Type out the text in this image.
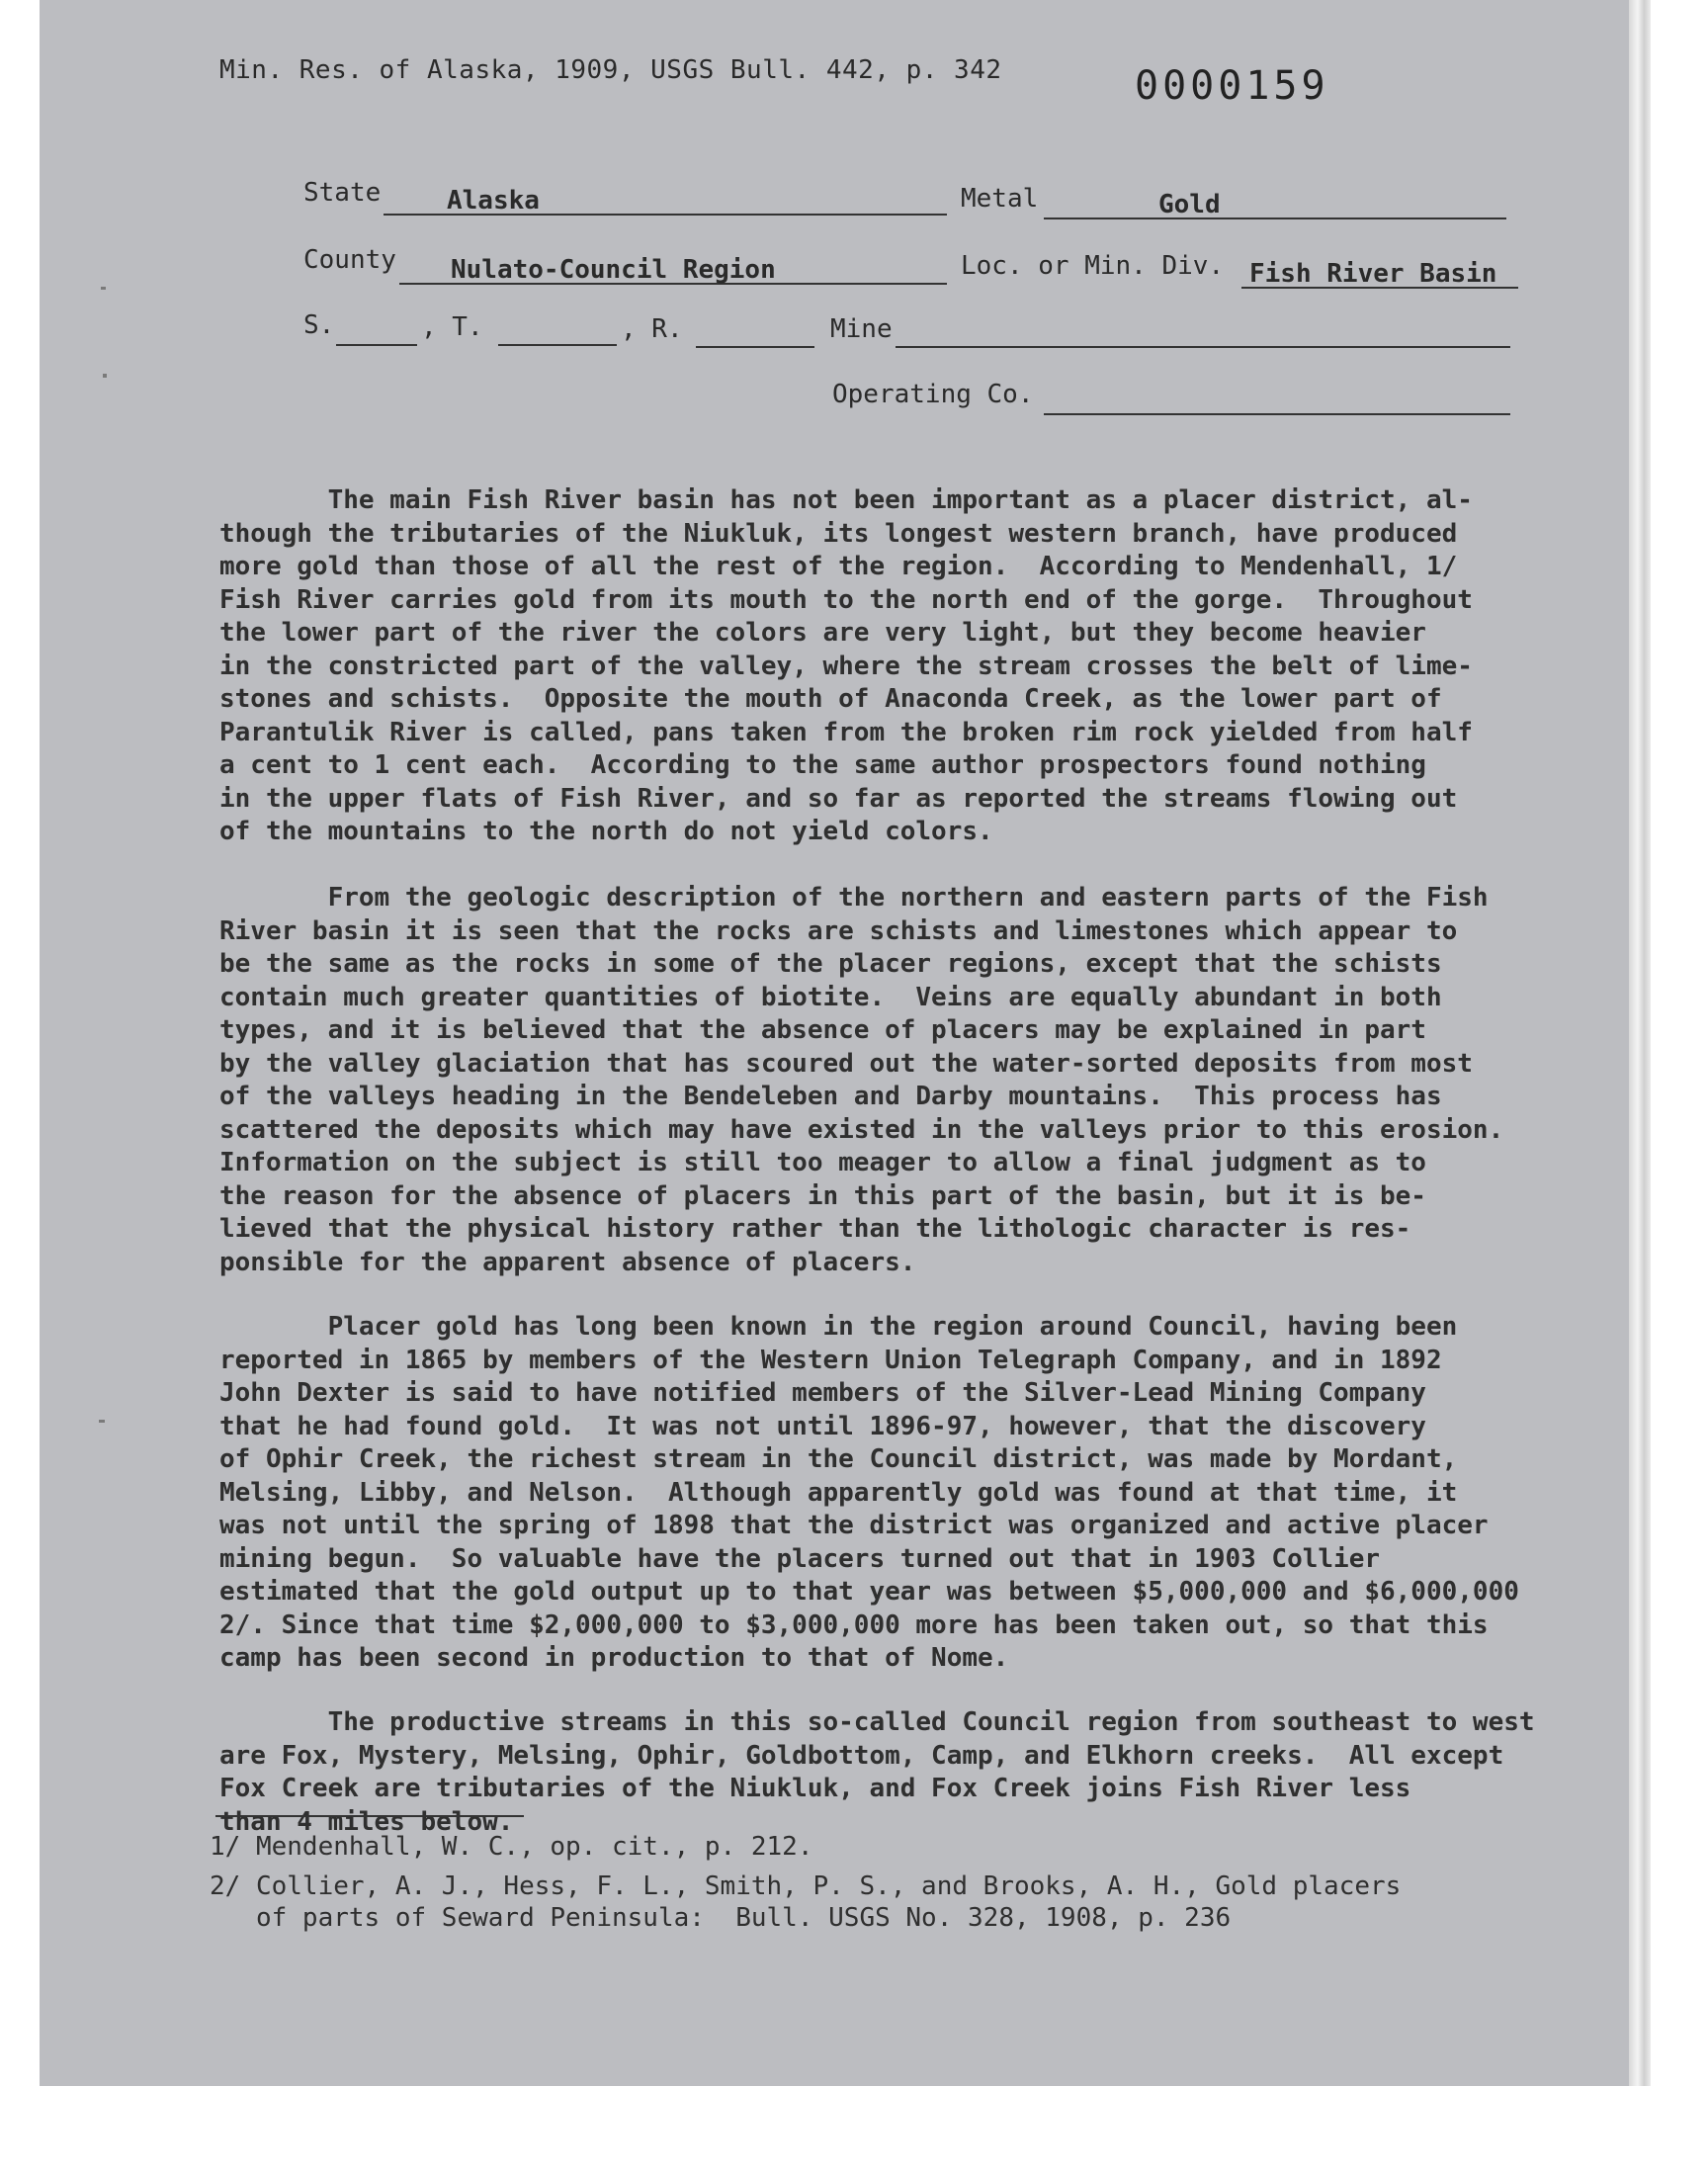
Min. Res. of Alaska, 1909, USGS Bull. 442, p. 342	0000159
State	Alaska	Metal	Gold
County Nulato-Council Region	Loc. or Min. Div. Fish River Basin
S.	, T.	, R.	Mine
Operating Co.
The main Fish River basin has not been important as a placer district, al-
though the tributaries of the Niukluk, its longest western branch, have produced
more gold than those of all the rest of the region.  According to Mendenhall, 1/
Fish River carries gold from its mouth to the north end of the gorge.  Throughout
the lower part of the river the colors are very light, but they become heavier
in the constricted part of the valley, where the stream crosses the belt of lime-
stones and schists.  Opposite the mouth of Anaconda Creek, as the lower part of
Parantulik River is called, pans taken from the broken rim rock yielded from half
a cent to 1 cent each.  According to the same author prospectors found nothing
in the upper flats of Fish River, and so far as reported the streams flowing out
of the mountains to the north do not yield colors.
From the geologic description of the northern and eastern parts of the Fish
River basin it is seen that the rocks are schists and limestones which appear to
be the same as the rocks in some of the placer regions, except that the schists
contain much greater quantities of biotite.  Veins are equally abundant in both
types, and it is believed that the absence of placers may be explained in part
by the valley glaciation that has scoured out the water-sorted deposits from most
of the valleys heading in the Bendeleben and Darby mountains.  This process has
scattered the deposits which may have existed in the valleys prior to this erosion.
Information on the subject is still too meager to allow a final judgment as to
the reason for the absence of placers in this part of the basin, but it is be-
lieved that the physical history rather than the lithologic character is res-
ponsible for the apparent absence of placers.
Placer gold has long been known in the region around Council, having been
reported in 1865 by members of the Western Union Telegraph Company, and in 1892
John Dexter is said to have notified members of the Silver-Lead Mining Company
that he had found gold.  It was not until 1896-97, however, that the discovery
of Ophir Creek, the richest stream in the Council district, was made by Mordant,
Melsing, Libby, and Nelson.  Although apparently gold was found at that time, it
was not until the spring of 1898 that the district was organized and active placer
mining begun.  So valuable have the placers turned out that in 1903 Collier
estimated that the gold output up to that year was between $5,000,000 and $6,000,000
2/. Since that time $2,000,000 to $3,000,000 more has been taken out, so that this
camp has been second in production to that of Nome.
The productive streams in this so-called Council region from southeast to west
are Fox, Mystery, Melsing, Ophir, Goldbottom, Camp, and Elkhorn creeks.  All except
Fox Creek are tributaries of the Niukluk, and Fox Creek joins Fish River less
than 4 miles below.
1/ Mendenhall, W. C., op. cit., p. 212.
2/ Collier, A. J., Hess, F. L., Smith, P. S., and Brooks, A. H., Gold placers
of parts of Seward Peninsula:  Bull. USGS No. 328, 1908, p. 236
